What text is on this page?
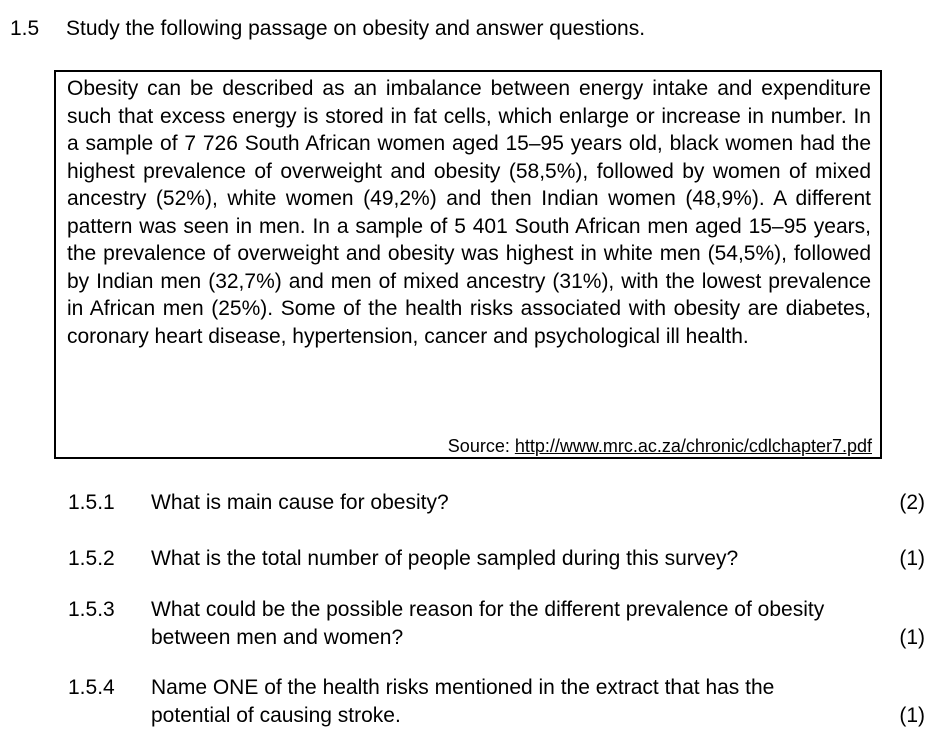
1.5 Study the following passage on obesity and answer questions.

Obesity can be described as an imbalance between energy intake and expenditure such that excess energy is stored in fat cells, which enlarge or increase in number. In a sample of 7 726 South African women aged 15–95 years old, black women had the highest prevalence of overweight and obesity (58,5%), followed by women of mixed ancestry (52%), white women (49,2%) and then Indian women (48,9%). A different pattern was seen in men. In a sample of 5 401 South African men aged 15–95 years, the prevalence of overweight and obesity was highest in white men (54,5%), followed by Indian men (32,7%) and men of mixed ancestry (31%), with the lowest prevalence in African men (25%). Some of the health risks associated with obesity are diabetes, coronary heart disease, hypertension, cancer and psychological ill health.

Source: http://www.mrc.ac.za/chronic/cdlchapter7.pdf
1.5.1 What is main cause for obesity?	(2)
1.5.2 What is the total number of people sampled during this survey?	(1)
1.5.3 What could be the possible reason for the different prevalence of obesity between men and women?	(1)
1.5.4 Name ONE of the health risks mentioned in the extract that has the potential of causing stroke.	(1)
